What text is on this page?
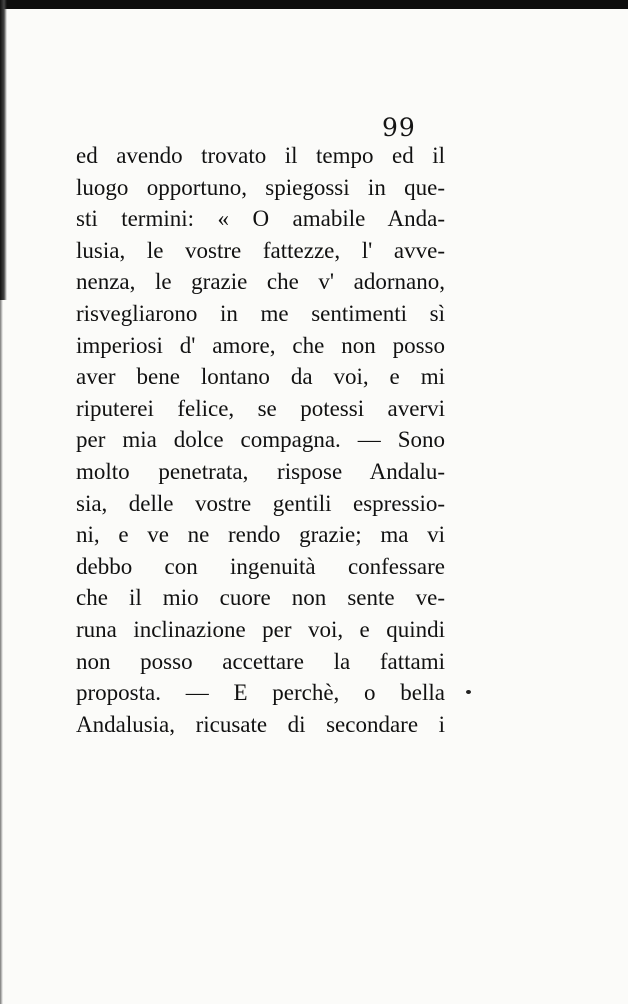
99
ed avendo trovato il tempo ed il
luogo opportuno, spiegossi in que-
sti termini: « O amabile Anda-
lusia, le vostre fattezze, l' avve-
nenza, le grazie che v' adornano,
risvegliarono in me sentimenti sì
imperiosi d' amore, che non posso
aver bene lontano da voi, e mi
riputerei felice, se potessi avervi
per mia dolce compagna. — Sono
molto penetrata, rispose Andalu-
sia, delle vostre gentili espressio-
ni, e ve ne rendo grazie; ma vi
debbo con ingenuità confessare
che il mio cuore non sente ve-
runa inclinazione per voi, e quindi
non posso accettare la fattami
proposta. — E perchè, o bella
Andalusia, ricusate di secondare i
